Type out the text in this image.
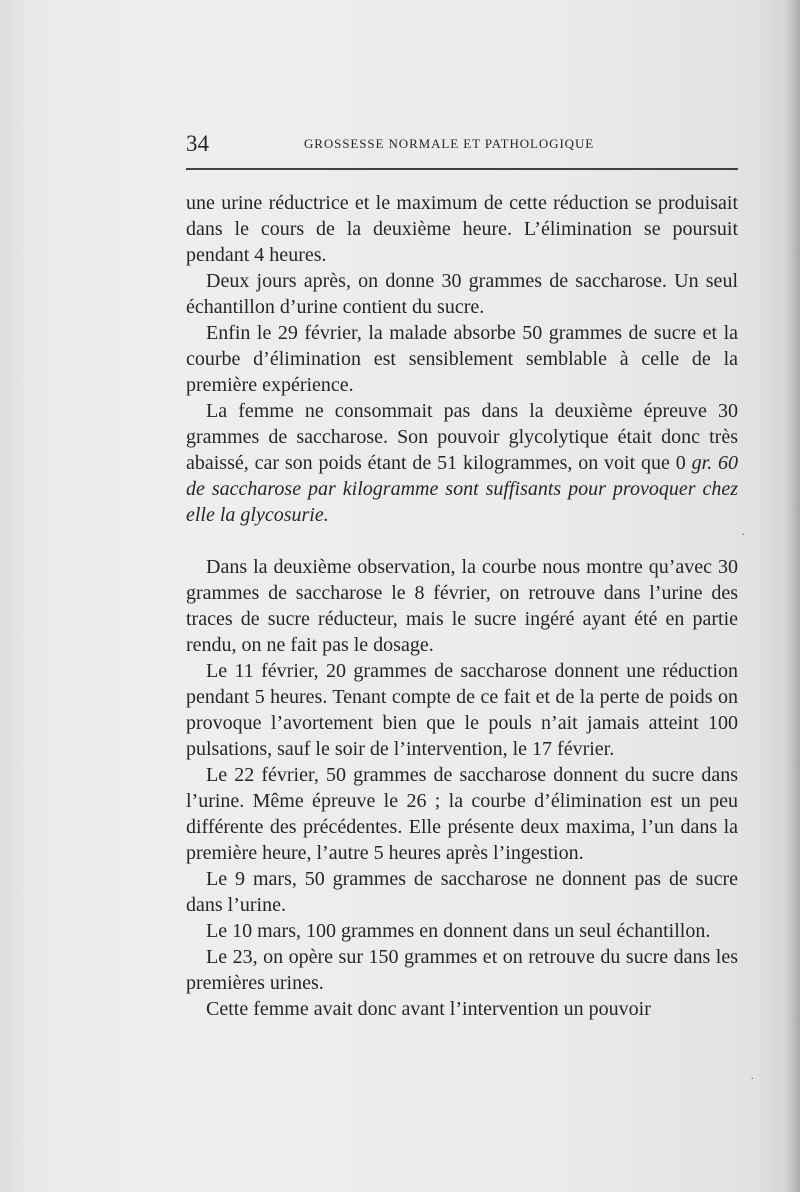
34	GROSSESSE NORMALE ET PATHOLOGIQUE

une urine réductrice et le maximum de cette réduction se produisait dans le cours de la deuxième heure. L’élimination se poursuit pendant 4 heures.

Deux jours après, on donne 30 grammes de saccharose. Un seul échantillon d’urine contient du sucre.

Enfin le 29 février, la malade absorbe 50 grammes de sucre et la courbe d’élimination est sensiblement semblable à celle de la première expérience.

La femme ne consommait pas dans la deuxième épreuve 30 grammes de saccharose. Son pouvoir glycolytique était donc très abaissé, car son poids étant de 51 kilogrammes, on voit que 0 gr. 60 de saccharose par kilogramme sont suffisants pour provoquer chez elle la glycosurie.

Dans la deuxième observation, la courbe nous montre qu’avec 30 grammes de saccharose le 8 février, on retrouve dans l’urine des traces de sucre réducteur, mais le sucre ingéré ayant été en partie rendu, on ne fait pas le dosage.

Le 11 février, 20 grammes de saccharose donnent une réduction pendant 5 heures. Tenant compte de ce fait et de la perte de poids on provoque l’avortement bien que le pouls n’ait jamais atteint 100 pulsations, sauf le soir de l’intervention, le 17 février.

Le 22 février, 50 grammes de saccharose donnent du sucre dans l’urine. Même épreuve le 26 ; la courbe d’élimination est un peu différente des précédentes. Elle présente deux maxima, l’un dans la première heure, l’autre 5 heures après l’ingestion.

Le 9 mars, 50 grammes de saccharose ne donnent pas de sucre dans l’urine.

Le 10 mars, 100 grammes en donnent dans un seul échantillon.

Le 23, on opère sur 150 grammes et on retrouve du sucre dans les premières urines.

Cette femme avait donc avant l’intervention un pouvoir

.
.
